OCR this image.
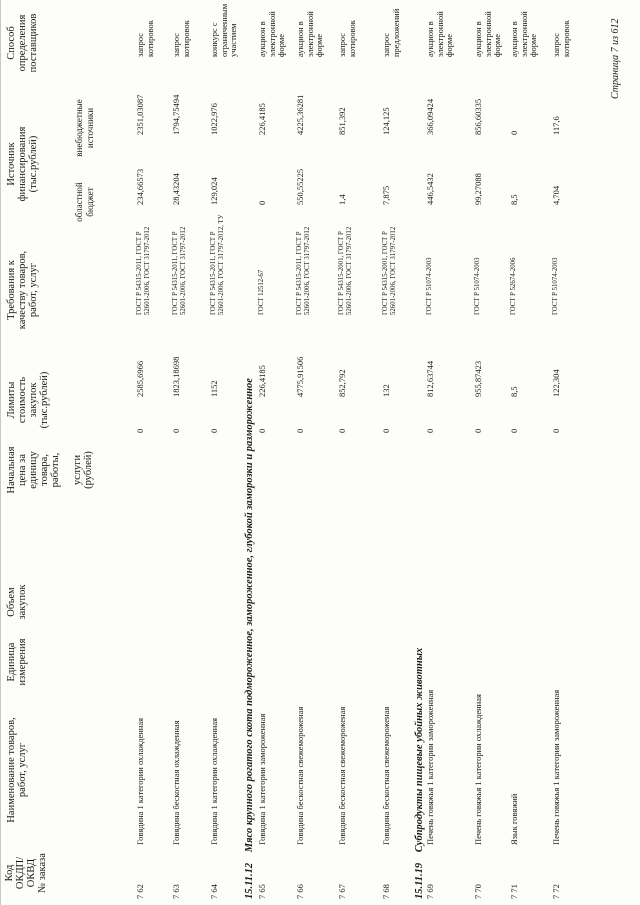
Код
ОКДП/
ОКВД
№ заказа
Наименование товаров,
работ, услуг
Единица
измерения
Объем
закупок
Начальная
цена за
единицу
товара,
работы,

услуги
(рублей)
Лимиты
стоимость
закупок
(тыс.рублей)
Требования к
качеству товаров,
работ, услуг
Источник
финансирования
(тыс.рублей)
областной
бюджет
внебюджетные
источники
Способ
определения
поставщиков
15.11.12 Мясо крупного рогатого скота подмороженное, замороженное, глубокой заморозки и размороженное
15.11.19 Субпродукты пищевые убойных животных
7 62
Говядина 1 категории охлажденная
0
2585,6966
ГОСТ Р 54315-2011, ГОСТ Р 52601-2006, ГОСТ 31797-2012
234,66573
2351,03087
запрос котировок
7 63
Говядина бескостная охлажденная
0
1823,18698
ГОСТ Р 54315-2011, ГОСТ Р 52601-2006, ГОСТ 31797-2012
28,43204
1794,75494
запрос котировок
7 64
Говядина 1 категории охлажденная
0
1152
ГОСТ Р 54315-2011, ГОСТ Р 52601-2006, ГОСТ 31797-2012, ТУ
129,024
1022,976
конкурс с ограниченным участием
7 65
Говядина 1 категории замороженная
0
226,4185
ГОСТ 12512-67
0
226,4185
аукцион в электронной форме
7 66
Говядина бескостная свежемороженая
0
4775,91506
ГОСТ Р 54315-2011, ГОСТ Р 52601-2006, ГОСТ 31797-2012
550,55225
4225,36281
аукцион в электронной форме
7 67
Говядина бескостная свежемороженая
0
852,792
ГОСТ Р 54315-2001, ГОСТ Р 52601-2006, ГОСТ 31797-2012
1,4
851,392
запрос котировок
7 68
Говядина бескостная свежемороженая
0
132
ГОСТ Р 54315-2001, ГОСТ Р 52601-2006, ГОСТ 31797-2012
7,875
124,125
запрос предложений
7 69
Печень говяжья 1 категории замороженная
0
812,63744
ГОСТ Р 51074-2003
446,5432
366,09424
аукцион в электронной форме
7 70
Печень говяжья 1 категории охлажденная
0
955,87423
ГОСТ Р 51074-2003
99,27088
856,60335
аукцион в электронной форме
7 71
Язык говяжий
0
8,5
ГОСТ Р 52674-2006
8,5
0
аукцион в электронной форме
7 72
Печень говяжья 1 категории замороженная
0
122,304
ГОСТ Р 51074-2003
4,704
117,6
запрос котировок	Страница 7 из 612
